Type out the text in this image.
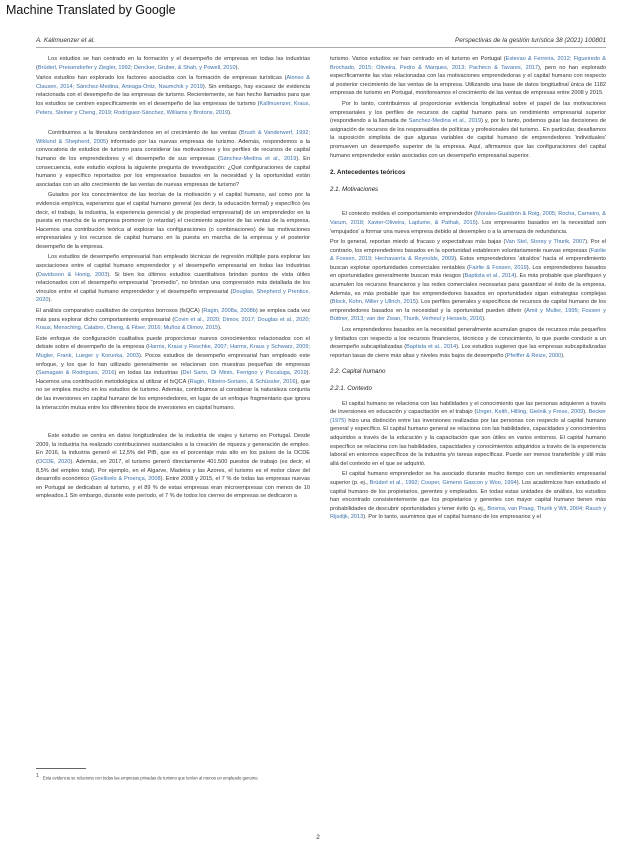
Machine Translated by Google
A. Kallmuenzer et al.	Perspectivas de la gestión turística 38 (2021) 100801

Los estudios se han centrado en la formación y el desempeño de empresas en todas las industrias (Brüderl, Preisendorfer y Ziegler, 1992; Dencker, Gruber, & Shah, y Powell, 2010).

Varios estudios han explorado los factores asociados con la formación de empresas turísticas (Alonso & Clausen, 2014; Sánchez-Medina, Arteaga-Ortiz, Naumchik y 2019). Sin embargo, hay escasez de evidencia relacionada con el desempeño de las empresas de turismo. Recientemente, se han hecho llamados para que los estudios se centren específicamente en el desempeño de las empresas de turismo (Kallmuenzer, Kraus, Peters, Steiner y Cheng, 2019; Rodríguez-Sánchez, Williams y Brotons, 2019).

Contribuimos a la literatura centrándonos en el crecimiento de las ventas (Brush & Vanderwerf, 1992; Wiklund & Shepherd, 2005) informado por las nuevas empresas de turismo. Además, respondemos a la convocatoria de estudios de turismo para considerar las motivaciones y los perfiles de recursos de capital humano de los emprendedores y el desempeño de sus empresas (Sánchez-Medina et al., 2019). En consecuencia, este estudio explora la siguiente pregunta de investigación: ¿Qué configuraciones de capital humano y específico reportados por los empresarios basados en la necesidad y la oportunidad están asociadas con un alto crecimiento de las ventas de nuevas empresas de turismo?

Guiados por los conocimientos de las teorías de la motivación y el capital humano, así como por la evidencia empírica, esperamos que el capital humano general (es decir, la educación formal) y específico (es decir, el trabajo, la industria, la experiencia gerencial y de propiedad empresarial) de un emprendedor en la puesta en marcha de la empresa promover (o retardar) el crecimiento superior de las ventas de la empresa. Hacemos una contribución teórica al explorar las configuraciones (o combinaciones) de las motivaciones empresariales y los recursos de capital humano en la puesta en marcha de la empresa y el posterior desempeño de la empresa.

Los estudios de desempeño empresarial han empleado técnicas de regresión múltiple para explorar las asociaciones entre el capital humano emprendedor y el desempeño empresarial en todas las industrias (Davidsson & Honig, 2003). Si bien los últimos estudios cuantitativos brindan puntos de vista útiles relacionados con el desempeño empresarial "promedio", no brindan una comprensión más detallada de los vínculos entre el capital humano emprendedor y el desempeño empresarial (Douglas, Shepherd y Prentice, 2020).

El análisis comparativo cualitativo de conjuntos borrosos (fsQCA) (Ragin, 2008a, 2008b) se emplea cada vez más para explorar dicho comportamiento empresarial (Covin et al., 2020; Dimov, 2017; Douglas et al., 2020; Kraus, Mensching, Calabro, Cheng, & Filser, 2016; Muñoz & Dimov, 2015).

Este enfoque de configuración cualitativa puede proporcionar nuevos conocimientos relacionados con el debate sobre el desempeño de la empresa (Harms, Kraus y Reschke, 2007; Harms, Kraus y Schwarz, 2009; Mugler, Frank, Lueger y Korunka, 2003). Pocos estudios de desempeño empresarial han empleado este enfoque, y los que lo han utilizado generalmente se relacionan con muestras pequeñas de empresas (Samagaio & Rodrigues, 2016) en todas las industrias (Del Sarto, Di Minin, Ferrigno y Piccaluga, 2019). Hacemos una contribución metodológica al utilizar el fsQCA (Ragin, Ribeiro-Soriano, & Schüssler, 2016), que no se emplea mucho en los estudios de turismo. Además, contribuimos al considerar la naturaleza conjunta de las inversiones en capital humano de los emprendedores, en lugar de un enfoque fragmentario que ignora la interacción mutua entre los diferentes tipos de inversiones en capital humano.

Este estudio se centra en datos longitudinales de la industria de viajes y turismo en Portugal. Desde 2009, la industria ha realizado contribuciones sustanciales a la creación de riqueza y generación de empleo. En 2016, la industria generó el 12,5% del PIB, que es el porcentaje más alto en los países de la OCDE (OCDE, 2020). Además, en 2017, el turismo generó directamente 401.500 puestos de trabajo (es decir, el 8,5% del empleo total). Por ejemplo, en el Algarve, Madeira y las Azores, el turismo es el motor clave del desarrollo económico (Goelloelo & Proença, 2008). Entre 2008 y 2015, el 7 % de todas las empresas nuevas en Portugal se dedicaban al turismo, y el 89 % de estas empresas eran microempresas con menos de 10 empleados.1 Sin embargo, durante este período, el 7 % de todos los cierres de empresas se dedicaron a

turismo. Varios estudios se han centrado en el turismo en Portugal (Estevao & Ferreira, 2012; Figueiredo & Brochado, 2015; Oliveira, Pedro & Marques, 2013; Pacheco & Tavares, 2017), pero no han explorado específicamente las vías relacionadas con las motivaciones emprendedoras y el capital humano con respecto al posterior crecimiento de las ventas de la empresa. Utilizando una base de datos longitudinal única de 1182 empresas de turismo en Portugal, monitoreamos el crecimiento de las ventas de empresas entre 2008 y 2015.

Por lo tanto, contribuimos al proporcionar evidencia longitudinal sobre el papel de las motivaciones empresariales y los perfiles de recursos de capital humano para un rendimiento empresarial superior (respondiendo a la llamada de Sanchez-Medina et al., 2019) y, por lo tanto, podemos guiar las decisiones de asignación de recursos de los responsables de políticas y profesionales del turismo.. En particular, desafiamos la suposición simplista de que algunas variables de capital humano de emprendedores 'individuales' promueven un desempeño superior de la empresa. Aquí, afirmamos que las configuraciones del capital humano emprendedor están asociadas con un desempeño empresarial superior.

2. Antecedentes teóricos

2.1. Motivaciones

El contexto moldea el comportamiento emprendedor (Morales-Gualdrón & Roig, 2005; Rocha, Carneiro, & Varum, 2018; Xavier-Oliveira, Laplume, & Pathak, 2015). Los empresarios basados en la necesidad son 'empujados' a formar una nueva empresa debido al desempleo o a la amenaza de redundancia.

Por lo general, reportan miedo al fracaso y expectativas más bajas (Van Stel, Storey y Thurik, 2007). Por el contrario, los emprendedores basados en la oportunidad establecen voluntariamente nuevas empresas (Fairlie & Fossen, 2019; Hechavarría & Reynolds, 2009). Estos emprendedores 'atraídos' hacia el emprendimiento buscan explotar oportunidades comerciales rentables (Fairlie & Fossen, 2019). Los emprendedores basados en oportunidades generalmente buscan más riesgos (Baptista et al., 2014). Es más probable que planifiquen y acumulen los recursos financieros y las redes comerciales necesarias para garantizar el éxito de la empresa. Además, es más probable que los emprendedores basados en oportunidades sigan estrategias complejas (Block, Kohn, Miller y Ullrich, 2015). Los perfiles generales y específicos de recursos de capital humano de los emprendedores basados en la necesidad y la oportunidad pueden diferir (Amit y Muller, 1995; Fossen y Büttner, 2013; van der Zwan, Thurik, Verheul y Hessels, 2016).

Los emprendedores basados en la necesidad generalmente acumulan grupos de recursos más pequeños y limitados con respecto a los recursos financieros, técnicos y de conocimiento, lo que puede conducir a un desempeño subcapitalizadas (Baptista et al., 2014). Los estudios sugieren que las empresas subcapitalizadas reportan tasas de cierre más altas y niveles más bajos de desempeño (Pfeiffer & Reize, 2000).

2.2. Capital humano

2.2.1. Contexto

El capital humano se relaciona con las habilidades y el conocimiento que las personas adquieren a través de inversiones en educación y capacitación en el trabajo (Unger, Keith, Hilling, Gielnik y Frese, 2009). Becker (1975) hizo una distinción entre las inversiones realizadas por las personas con respecto al capital humano general y específico. El capital humano general se relaciona con las habilidades, capacidades y conocimientos adquiridos a través de la educación y la capacitación que son útiles en varios entornos. El capital humano específico se relaciona con las habilidades, capacidades y conocimientos adquiridos a través de la experiencia laboral en entornos específicos de la industria y/o tareas específicas. Puede ser menos transferible y útil más allá del contexto en el que se adquirió.

El capital humano emprendedor se ha asociado durante mucho tiempo con un rendimiento empresarial superior (p. ej., Brüderl et al., 1992; Cooper, Gimeno Gascon y Woo, 1994). Los académicos han estudiado el capital humano de los propietarios, gerentes y empleados. En todas estas unidades de análisis, los estudios han encontrado consistentemente que los propietarios y gerentes con mayor capital humano tienen más probabilidades de descubrir oportunidades y tener éxito (p. ej., Bosma, van Praag, Thurik y Wit, 2004; Rauch y Rijsdijk, 2013). Por lo tanto, asumimos que el capital humano de los empresarios y el

$^1$ Esta evidencia se relaciona con todas las empresas privadas de turismo que tenían al menos un empleado genuino.
2
